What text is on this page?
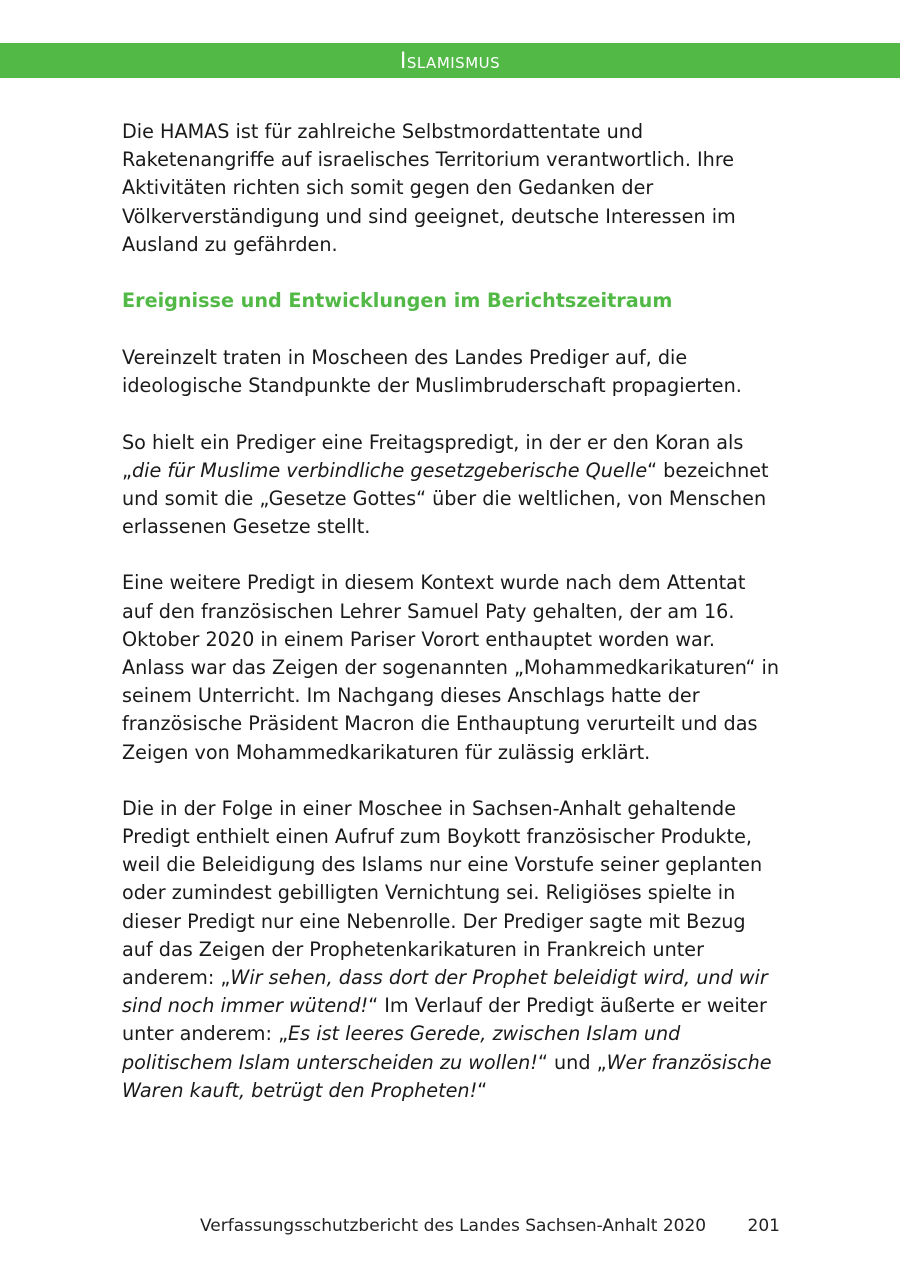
Islamismus

Die HAMAS ist für zahlreiche Selbstmordattentate und Raketenangriffe auf israelisches Territorium verantwortlich. Ihre Aktivitäten richten sich somit gegen den Gedanken der Völkerverständigung und sind geeignet, deutsche Interessen im Ausland zu gefährden.

Ereignisse und Entwicklungen im Berichtszeitraum

Vereinzelt traten in Moscheen des Landes Prediger auf, die ideologische Standpunkte der Muslimbruderschaft propagierten.

So hielt ein Prediger eine Freitagspredigt, in der er den Koran als „die für Muslime verbindliche gesetzgeberische Quelle“ bezeichnet und somit die „Gesetze Gottes“ über die weltlichen, von Menschen erlassenen Gesetze stellt.

Eine weitere Predigt in diesem Kontext wurde nach dem Attentat auf den französischen Lehrer Samuel Paty gehalten, der am 16. Oktober 2020 in einem Pariser Vorort enthauptet worden war. Anlass war das Zeigen der sogenannten „Mohammedkarikaturen“ in seinem Unterricht. Im Nachgang dieses Anschlags hatte der französische Präsident Macron die Enthauptung verurteilt und das Zeigen von Mohammedkarikaturen für zulässig erklärt.

Die in der Folge in einer Moschee in Sachsen-Anhalt gehaltende Predigt enthielt einen Aufruf zum Boykott französischer Produkte, weil die Beleidigung des Islams nur eine Vorstufe seiner geplanten oder zumindest gebilligten Vernichtung sei. Religiöses spielte in dieser Predigt nur eine Nebenrolle. Der Prediger sagte mit Bezug auf das Zeigen der Prophetenkarikaturen in Frankreich unter anderem: „Wir sehen, dass dort der Prophet beleidigt wird, und wir sind noch immer wütend!“ Im Verlauf der Predigt äußerte er weiter unter anderem: „Es ist leeres Gerede, zwischen Islam und politischem Islam unterscheiden zu wollen!“ und „Wer französische Waren kauft, betrügt den Propheten!“

Verfassungsschutzbericht des Landes Sachsen-Anhalt 2020 201
